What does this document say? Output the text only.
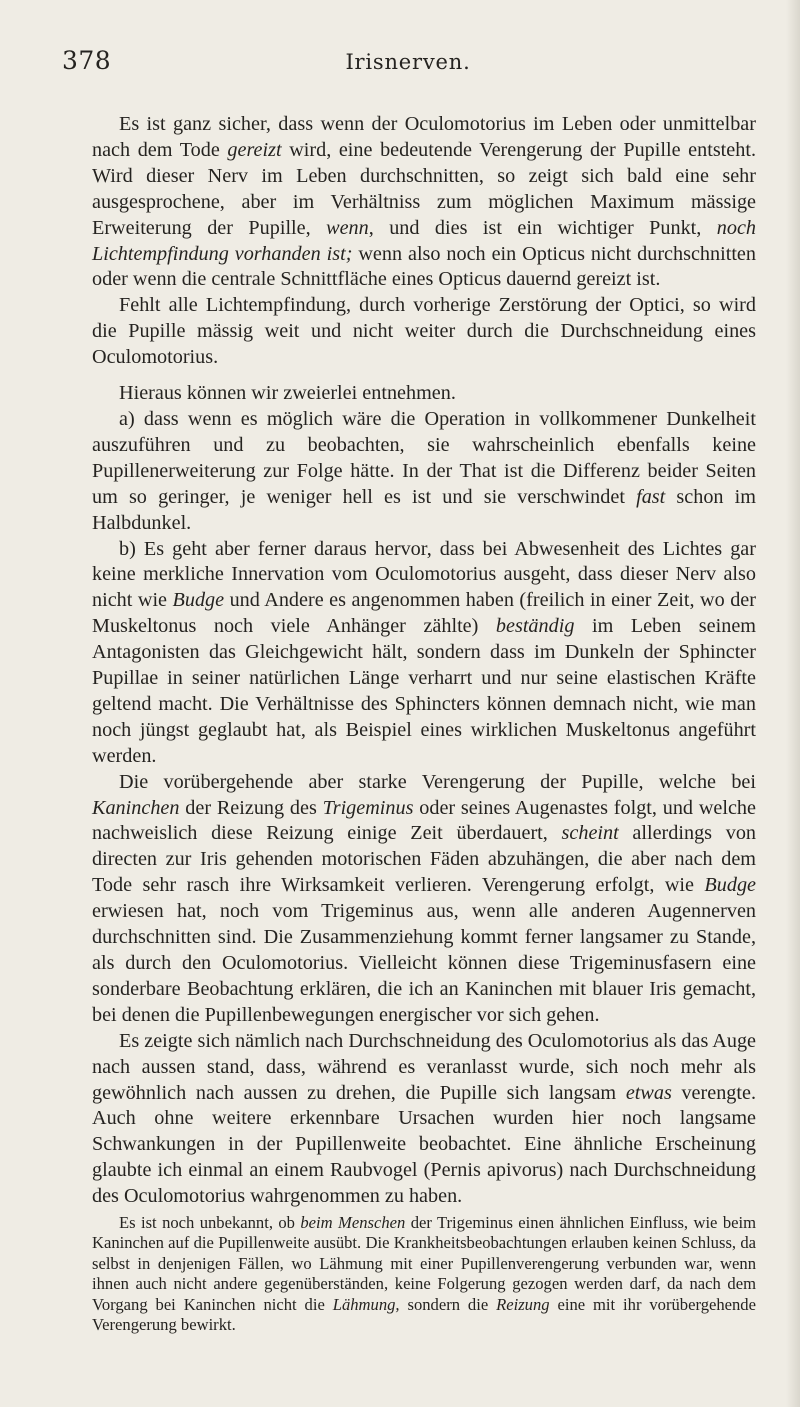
378	Irisnerven.

Es ist ganz sicher, dass wenn der Oculomotorius im Leben oder unmittelbar nach dem Tode gereizt wird, eine bedeutende Verengerung der Pupille entsteht. Wird dieser Nerv im Leben durchschnitten, so zeigt sich bald eine sehr ausgesprochene, aber im Verhältniss zum möglichen Maximum mässige Erweiterung der Pupille, wenn, und dies ist ein wichtiger Punkt, noch Lichtempfindung vorhanden ist; wenn also noch ein Opticus nicht durchschnitten oder wenn die centrale Schnittfläche eines Opticus dauernd gereizt ist.

Fehlt alle Lichtempfindung, durch vorherige Zerstörung der Optici, so wird die Pupille mässig weit und nicht weiter durch die Durchschneidung eines Oculomotorius.

Hieraus können wir zweierlei entnehmen.

a) dass wenn es möglich wäre die Operation in vollkommener Dunkelheit auszuführen und zu beobachten, sie wahrscheinlich ebenfalls keine Pupillenerweiterung zur Folge hätte. In der That ist die Differenz beider Seiten um so geringer, je weniger hell es ist und sie verschwindet fast schon im Halbdunkel.

b) Es geht aber ferner daraus hervor, dass bei Abwesenheit des Lichtes gar keine merkliche Innervation vom Oculomotorius ausgeht, dass dieser Nerv also nicht wie Budge und Andere es angenommen haben (freilich in einer Zeit, wo der Muskeltonus noch viele Anhänger zählte) beständig im Leben seinem Antagonisten das Gleichgewicht hält, sondern dass im Dunkeln der Sphincter Pupillae in seiner natürlichen Länge verharrt und nur seine elastischen Kräfte geltend macht. Die Verhältnisse des Sphincters können demnach nicht, wie man noch jüngst geglaubt hat, als Beispiel eines wirklichen Muskeltonus angeführt werden.

Die vorübergehende aber starke Verengerung der Pupille, welche bei Kaninchen der Reizung des Trigeminus oder seines Augenastes folgt, und welche nachweislich diese Reizung einige Zeit überdauert, scheint allerdings von directen zur Iris gehenden motorischen Fäden abzuhängen, die aber nach dem Tode sehr rasch ihre Wirksamkeit verlieren. Verengerung erfolgt, wie Budge erwiesen hat, noch vom Trigeminus aus, wenn alle anderen Augennerven durchschnitten sind. Die Zusammenziehung kommt ferner langsamer zu Stande, als durch den Oculomotorius. Vielleicht können diese Trigeminusfasern eine sonderbare Beobachtung erklären, die ich an Kaninchen mit blauer Iris gemacht, bei denen die Pupillenbewegungen energischer vor sich gehen.

Es zeigte sich nämlich nach Durchschneidung des Oculomotorius als das Auge nach aussen stand, dass, während es veranlasst wurde, sich noch mehr als gewöhnlich nach aussen zu drehen, die Pupille sich langsam etwas verengte. Auch ohne weitere erkennbare Ursachen wurden hier noch langsame Schwankungen in der Pupillenweite beobachtet. Eine ähnliche Erscheinung glaubte ich einmal an einem Raubvogel (Pernis apivorus) nach Durchschneidung des Oculomotorius wahrgenommen zu haben.

Es ist noch unbekannt, ob beim Menschen der Trigeminus einen ähnlichen Einfluss, wie beim Kaninchen auf die Pupillenweite ausübt. Die Krankheitsbeobachtungen erlauben keinen Schluss, da selbst in denjenigen Fällen, wo Lähmung mit einer Pupillenverengerung verbunden war, wenn ihnen auch nicht andere gegenüberständen, keine Folgerung gezogen werden darf, da nach dem Vorgang bei Kaninchen nicht die Lähmung, sondern die Reizung eine mit ihr vorübergehende Verengerung bewirkt.
